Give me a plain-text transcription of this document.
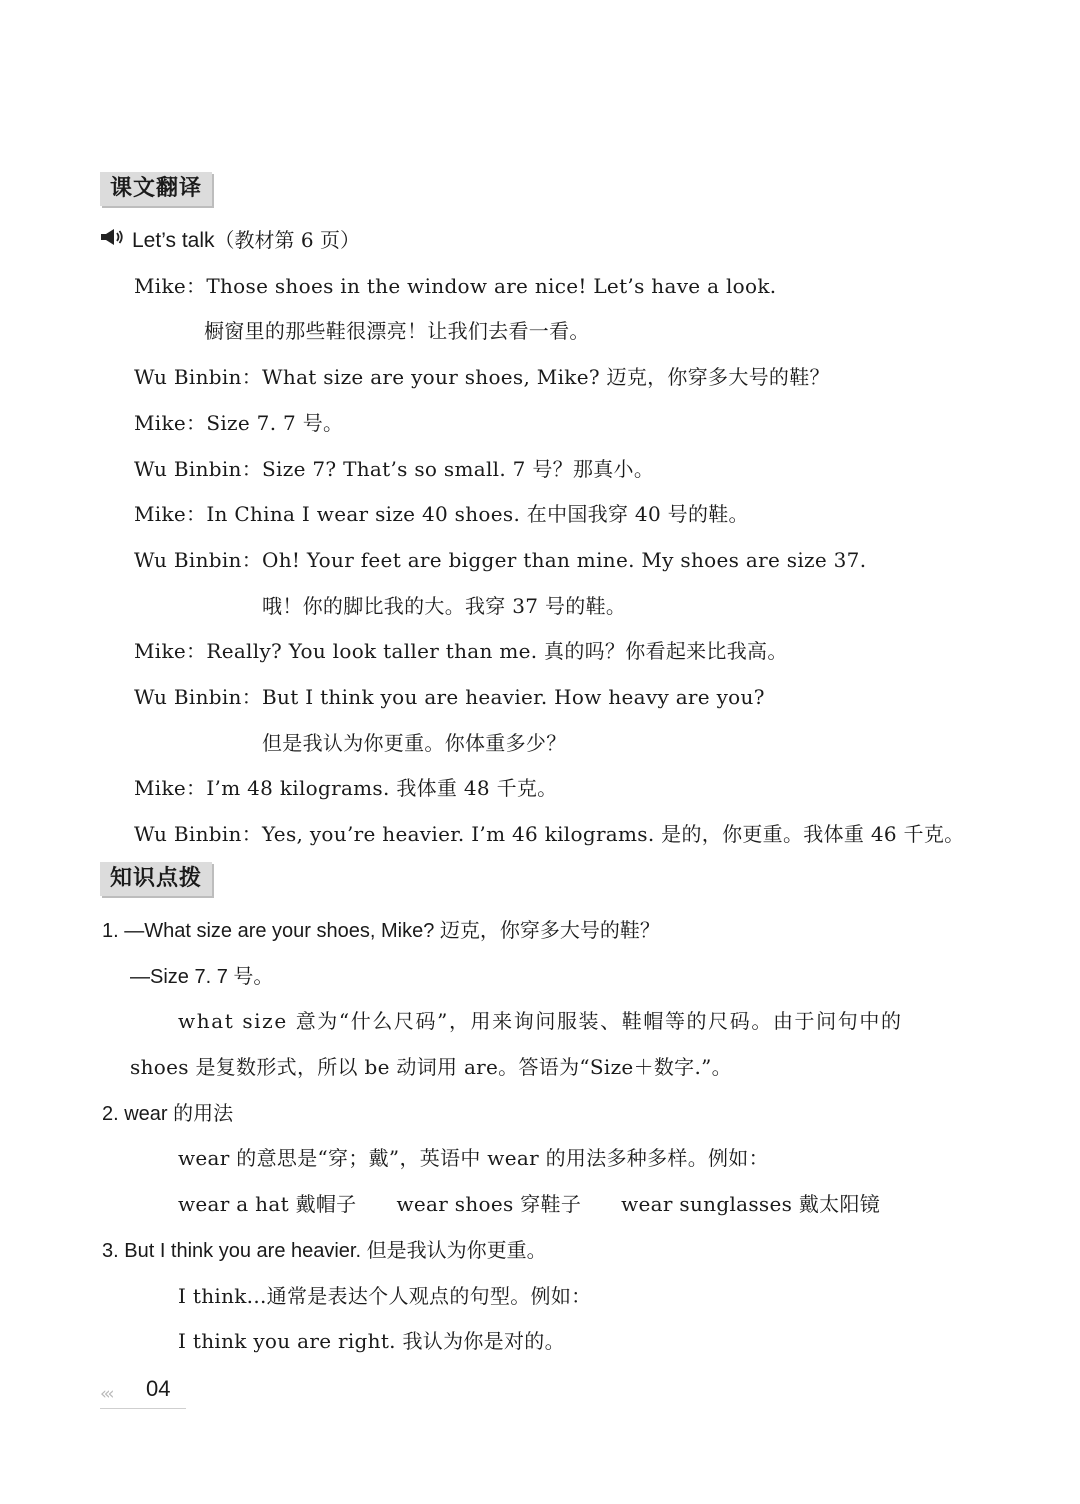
课文翻译
Let’s talk（教材第 6 页）
Mike：Those shoes in the window are nice! Let’s have a look.
橱窗里的那些鞋很漂亮！让我们去看一看。
Wu Binbin：What size are your shoes, Mike? 迈克，你穿多大号的鞋？
Mike：Size 7. 7 号。
Wu Binbin：Size 7? That’s so small. 7 号？那真小。
Mike：In China I wear size 40 shoes. 在中国我穿 40 号的鞋。
Wu Binbin：Oh! Your feet are bigger than mine. My shoes are size 37.
哦！你的脚比我的大。我穿 37 号的鞋。
Mike：Really? You look taller than me. 真的吗？你看起来比我高。
Wu Binbin：But I think you are heavier. How heavy are you?
但是我认为你更重。你体重多少？
Mike：I’m 48 kilograms. 我体重 48 千克。
Wu Binbin：Yes, you’re heavier. I’m 46 kilograms. 是的，你更重。我体重 46 千克。
知识点拨
1. —What size are your shoes, Mike? 迈克，你穿多大号的鞋？
—Size 7. 7 号。
what size 意为“什么尺码”，用来询问服装、鞋帽等的尺码。由于问句中的
shoes 是复数形式，所以 be 动词用 are。答语为“Size＋数字.”。
2. wear 的用法
wear 的意思是“穿；戴”，英语中 wear 的用法多种多样。例如：
wear a hat 戴帽子 wear shoes 穿鞋子 wear sunglasses 戴太阳镜
3. But I think you are heavier. 但是我认为你更重。
I think...通常是表达个人观点的句型。例如：
I think you are right. 我认为你是对的。
‹‹‹ 04
